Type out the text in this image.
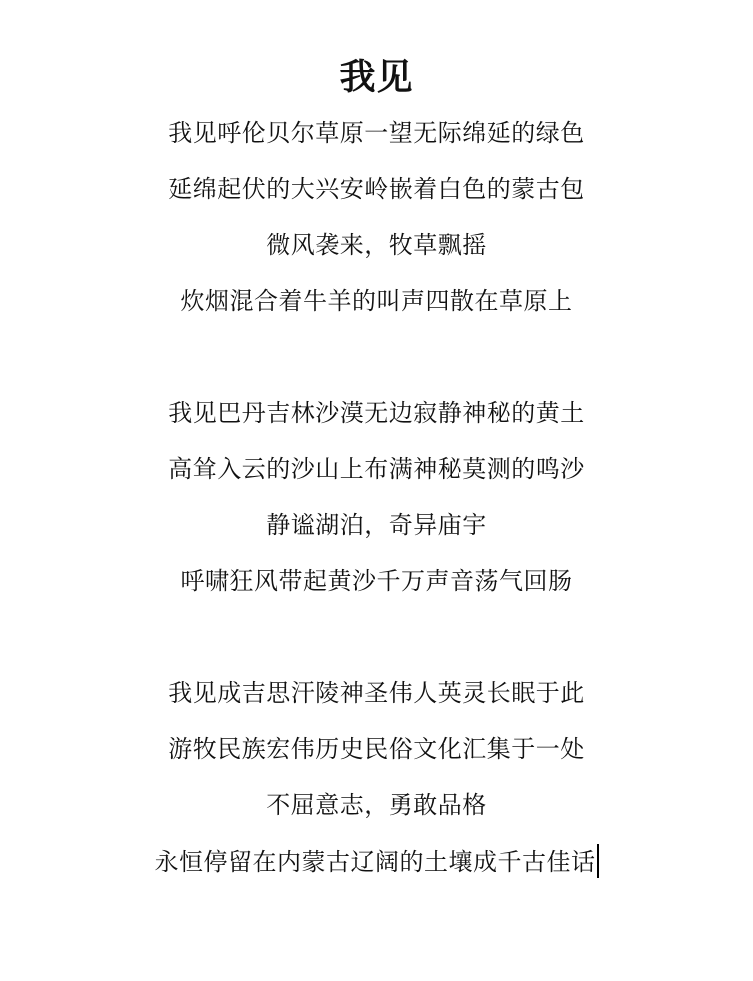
我见
我见呼伦贝尔草原一望无际绵延的绿色
延绵起伏的大兴安岭嵌着白色的蒙古包
微风袭来，牧草飘摇
炊烟混合着牛羊的叫声四散在草原上
我见巴丹吉林沙漠无边寂静神秘的黄土
高耸入云的沙山上布满神秘莫测的鸣沙
静谧湖泊，奇异庙宇
呼啸狂风带起黄沙千万声音荡气回肠
我见成吉思汗陵神圣伟人英灵长眠于此
游牧民族宏伟历史民俗文化汇集于一处
不屈意志，勇敢品格
永恒停留在内蒙古辽阔的土壤成千古佳话
